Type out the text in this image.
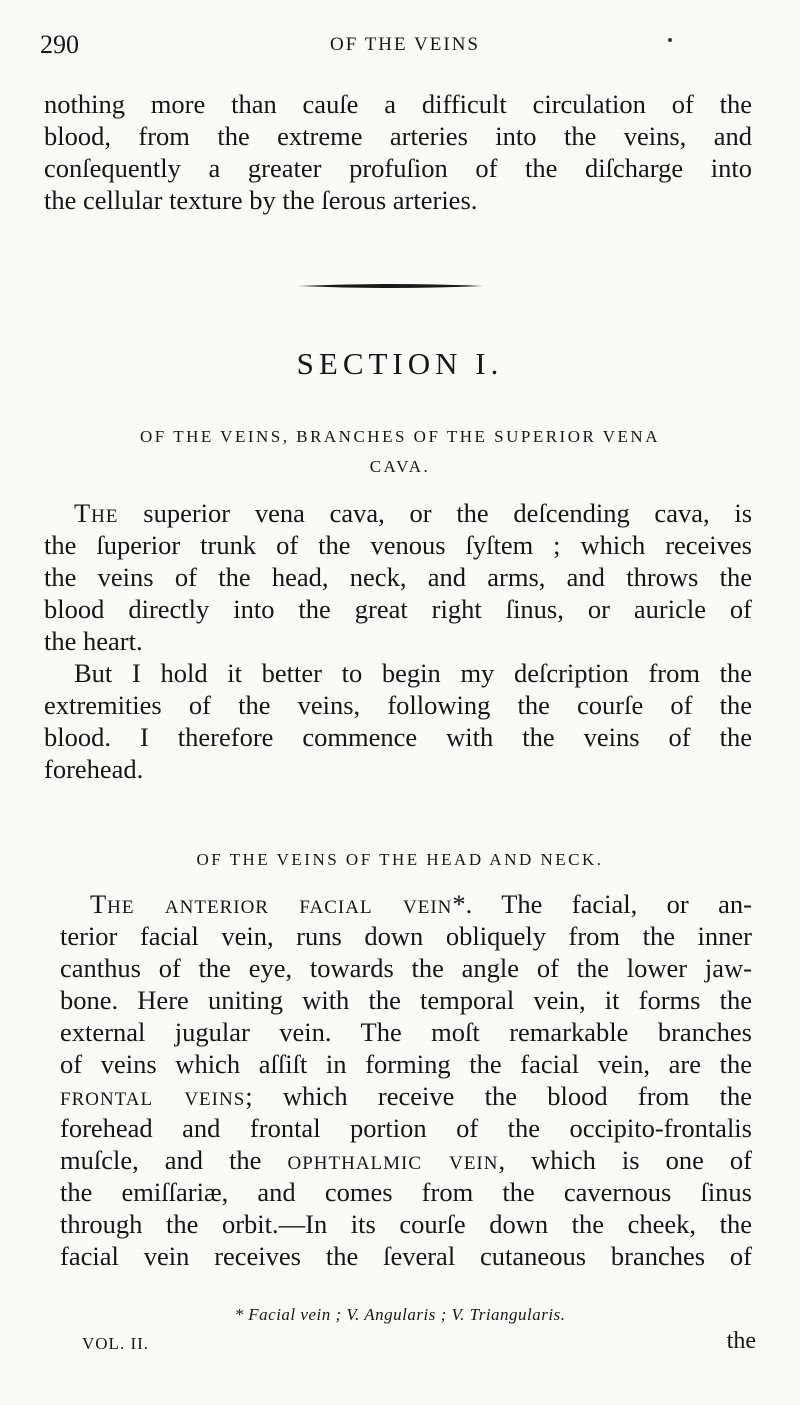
290	OF THE VEINS

nothing more than cauſe a difficult circulation of the
blood, from the extreme arteries into the veins, and
conſequently a greater profuſion of the diſcharge into
the cellular texture by the ſerous arteries.

SECTION I.
OF THE VEINS, BRANCHES OF THE SUPERIOR VENA
CAVA.

The superior vena cava, or the deſcending cava, is
the ſuperior trunk of the venous ſyſtem ; which receives
the veins of the head, neck, and arms, and throws the
blood directly into the great right ſinus, or auricle of
the heart.

But I hold it better to begin my deſcription from the
extremities of the veins, following the courſe of the
blood. I therefore commence with the veins of the
forehead.

OF THE VEINS OF THE HEAD AND NECK.

The anterior facial vein*. The facial, or an-
terior facial vein, runs down obliquely from the inner
canthus of the eye, towards the angle of the lower jaw-
bone. Here uniting with the temporal vein, it forms the
external jugular vein. The moſt remarkable branches
of veins which aſſiſt in forming the facial vein, are the
frontal veins; which receive the blood from the
forehead and frontal portion of the occipito-frontalis
muſcle, and the ophthalmic vein, which is one of
the emiſſariæ, and comes from the cavernous ſinus
through the orbit.—In its courſe down the cheek, the
facial vein receives the ſeveral cutaneous branches of

* Facial vein ; V. Angularis ; V. Triangularis.
VOL. II.	the
